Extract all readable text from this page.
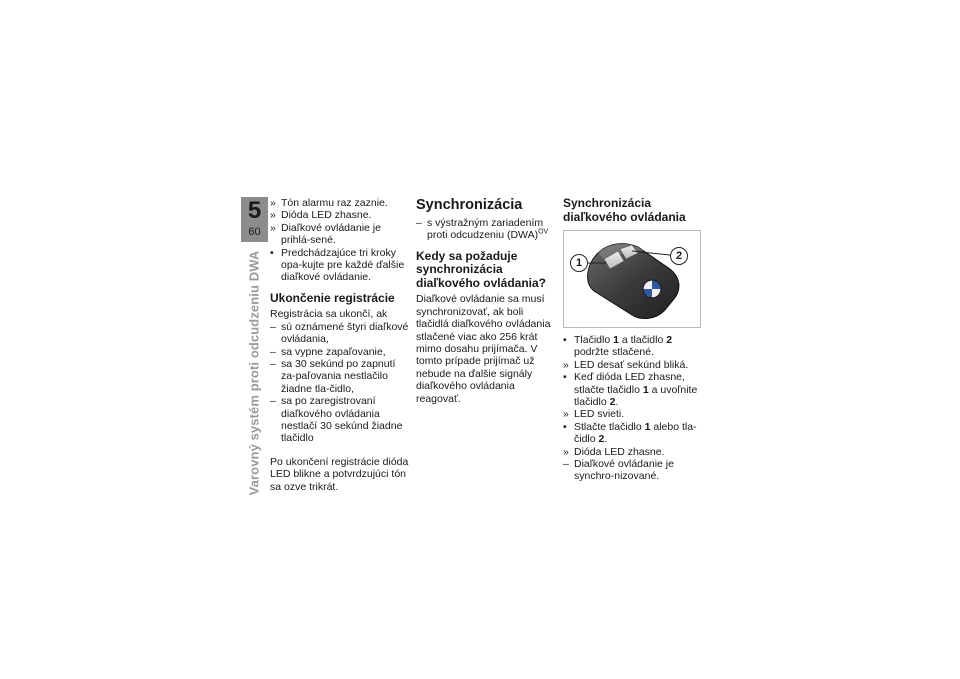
5
60
Varovný systém proti odcudzeniu DWA
» Tón alarmu raz zaznie.
» Dióda LED zhasne.
» Diaľkové ovládanie je prihlá-sené.
• Predchádzajúce tri kroky opa-kujte pre každé ďalšie diaľkové ovládanie.
Ukončenie registrácie

Registrácia sa ukončí, ak

– sú oznámené štyri diaľkové ovládania,
– sa vypne zapaľovanie,
– sa 30 sekúnd po zapnutí za-paľovania nestlačilo žiadne tla-čidlo,
– sa po zaregistrovaní diaľkového ovládania nestlačí 30 sekúnd žiadne tlačidlo

Po ukončení registrácie dióda LED blikne a potvrdzujúci tón sa ozve trikrát.

Synchronizácia
– s výstražným zariadením proti odcudzeniu (DWA)$^{OV}$
Kedy sa požaduje synchronizácia diaľkového ovládania?

Diaľkové ovládanie sa musí synchronizovať, ak boli tlačidlá diaľkového ovládania stlačené viac ako 256 krát mimo dosahu prijímača. V tomto prípade prijímač už nebude na ďalšie signály diaľkového ovládania reagovať.

Synchronizácia diaľkového ovládania
1
2
• Tlačidlo 1 a tlačidlo 2 podržte stlačené.
» LED desať sekúnd bliká.
• Keď dióda LED zhasne, stlačte tlačidlo 1 a uvoľnite tlačidlo 2.
» LED svieti.
• Stlačte tlačidlo 1 alebo tla-čidlo 2.
» Dióda LED zhasne.
– Diaľkové ovládanie je synchro-nizované.
